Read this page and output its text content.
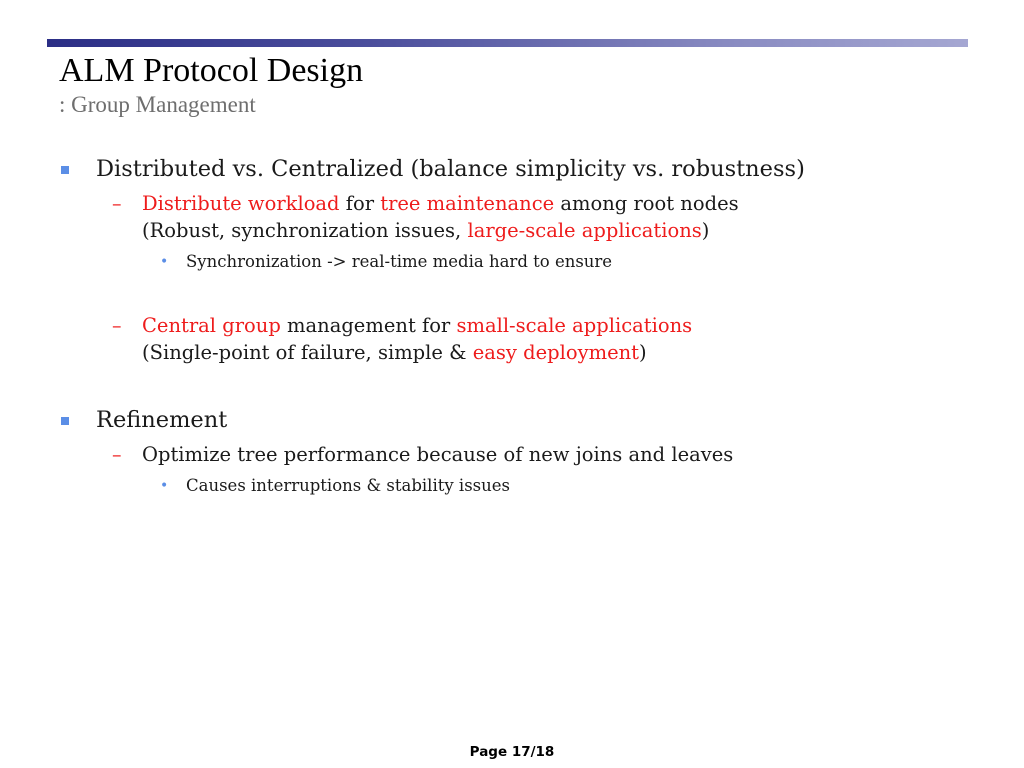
ALM Protocol Design
: Group Management
Distributed vs. Centralized (balance simplicity vs. robustness)
– Distribute workload for tree maintenance among root nodes
(Robust, synchronization issues, large-scale applications)
• Synchronization -> real-time media hard to ensure
– Central group management for small-scale applications
(Single-point of failure, simple & easy deployment)
Refinement
– Optimize tree performance because of new joins and leaves
• Causes interruptions & stability issues
Page 17/18
